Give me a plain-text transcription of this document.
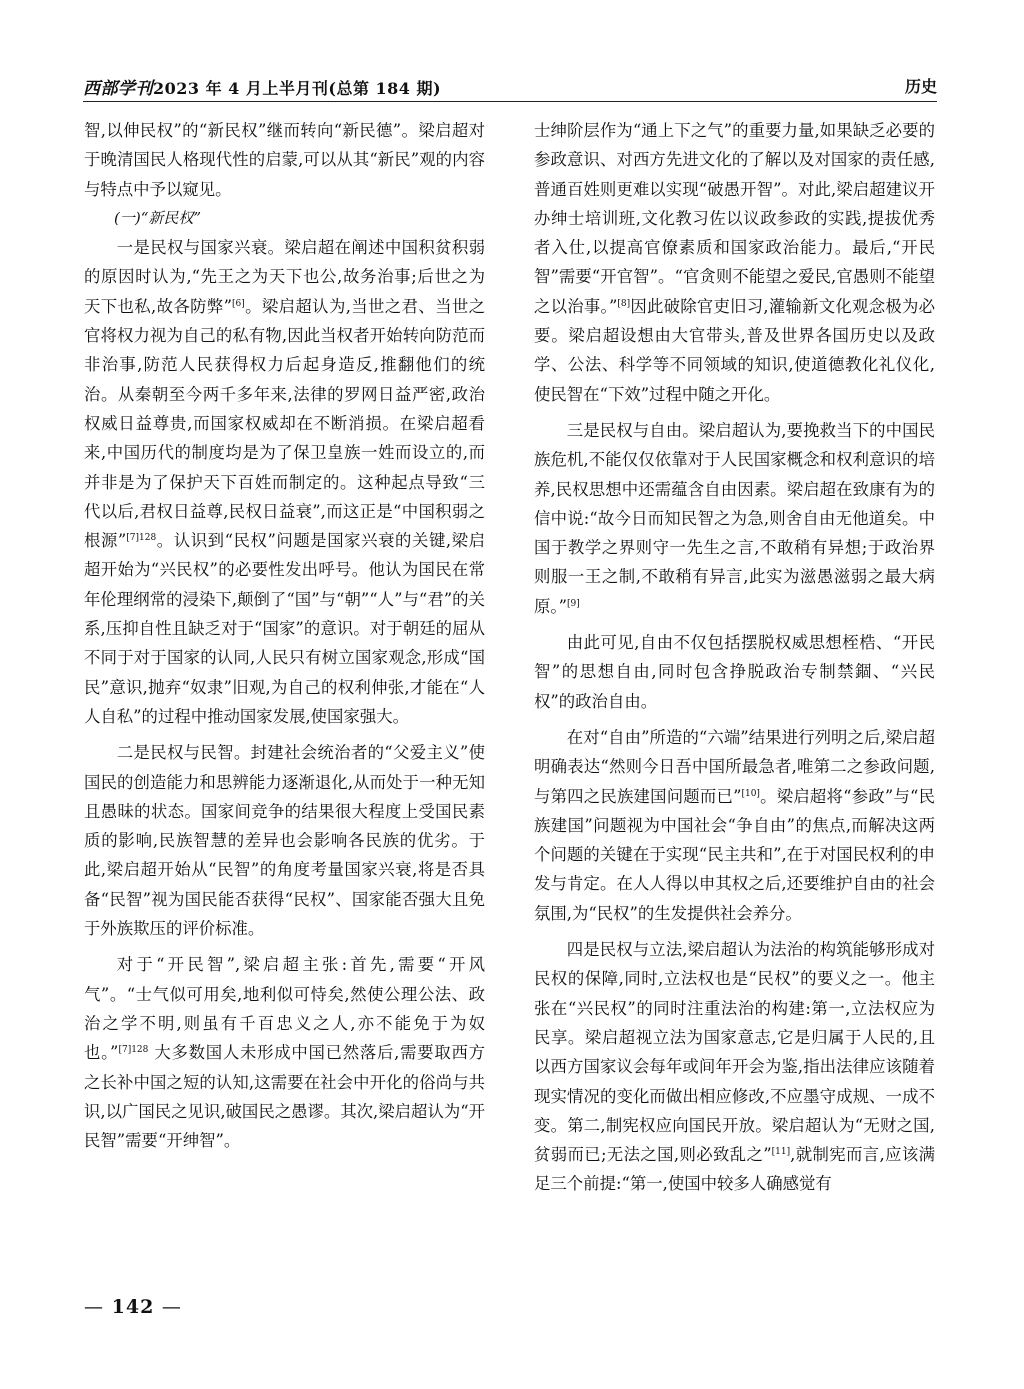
西部学刊2023 年 4 月上半月刊(总第 184 期)	历史

智,以伸民权”的“新民权”继而转向“新民德”。梁启超对于晚清国民人格现代性的启蒙,可以从其“新民”观的内容与特点中予以窥见。

(一)“新民权”

一是民权与国家兴衰。梁启超在阐述中国积贫积弱的原因时认为,“先王之为天下也公,故务治事;后世之为天下也私,故各防弊”[6]。梁启超认为,当世之君、当世之官将权力视为自己的私有物,因此当权者开始转向防范而非治事,防范人民获得权力后起身造反,推翻他们的统治。从秦朝至今两千多年来,法律的罗网日益严密,政治权威日益尊贵,而国家权威却在不断消损。在梁启超看来,中国历代的制度均是为了保卫皇族一姓而设立的,而并非是为了保护天下百姓而制定的。这种起点导致“三代以后,君权日益尊,民权日益衰”,而这正是“中国积弱之根源”$^{[7]128}$。认识到“民权”问题是国家兴衰的关键,梁启超开始为“兴民权”的必要性发出呼号。他认为国民在常年伦理纲常的浸染下,颠倒了“国”与“朝”“人”与“君”的关系,压抑自性且缺乏对于“国家”的意识。对于朝廷的屈从不同于对于国家的认同,人民只有树立国家观念,形成“国民”意识,抛弃“奴隶”旧观,为自己的权利伸张,才能在“人人自私”的过程中推动国家发展,使国家强大。

二是民权与民智。封建社会统治者的“父爱主义”使国民的创造能力和思辨能力逐渐退化,从而处于一种无知且愚昧的状态。国家间竞争的结果很大程度上受国民素质的影响,民族智慧的差异也会影响各民族的优劣。于此,梁启超开始从“民智”的角度考量国家兴衰,将是否具备“民智”视为国民能否获得“民权”、国家能否强大且免于外族欺压的评价标准。

对于“开民智”,梁启超主张:首先,需要“开风气”。“士气似可用矣,地利似可恃矣,然使公理公法、政治之学不明,则虽有千百忠义之人,亦不能免于为奴也。”$^{[7]128}$ 大多数国人未形成中国已然落后,需要取西方之长补中国之短的认知,这需要在社会中开化的俗尚与共识,以广国民之见识,破国民之愚谬。其次,梁启超认为“开民智”需要“开绅智”。

士绅阶层作为“通上下之气”的重要力量,如果缺乏必要的参政意识、对西方先进文化的了解以及对国家的责任感,普通百姓则更难以实现“破愚开智”。对此,梁启超建议开办绅士培训班,文化教习佐以议政参政的实践,提拔优秀者入仕,以提高官僚素质和国家政治能力。最后,“开民智”需要“开官智”。“官贪则不能望之爱民,官愚则不能望之以治事。”[8]因此破除官吏旧习,灌输新文化观念极为必要。梁启超设想由大官带头,普及世界各国历史以及政学、公法、科学等不同领域的知识,使道德教化礼仪化,使民智在“下效”过程中随之开化。

三是民权与自由。梁启超认为,要挽救当下的中国民族危机,不能仅仅依靠对于人民国家概念和权利意识的培养,民权思想中还需蕴含自由因素。梁启超在致康有为的信中说:“故今日而知民智之为急,则舍自由无他道矣。中国于教学之界则守一先生之言,不敢稍有异想;于政治界则服一王之制,不敢稍有异言,此实为滋愚滋弱之最大病原。”[9]

由此可见,自由不仅包括摆脱权威思想桎梏、“开民智”的思想自由,同时包含挣脱政治专制禁錮、“兴民权”的政治自由。

在对“自由”所造的“六端”结果进行列明之后,梁启超明确表达“然则今日吾中国所最急者,唯第二之参政问题,与第四之民族建国问题而已”[10]。梁启超将“参政”与“民族建国”问题视为中国社会“争自由”的焦点,而解决这两个问题的关键在于实现“民主共和”,在于对国民权利的申发与肯定。在人人得以申其权之后,还要维护自由的社会氛围,为“民权”的生发提供社会养分。

四是民权与立法,梁启超认为法治的构筑能够形成对民权的保障,同时,立法权也是“民权”的要义之一。他主张在“兴民权”的同时注重法治的构建:第一,立法权应为民享。梁启超视立法为国家意志,它是归属于人民的,且以西方国家议会每年或间年开会为鉴,指出法律应该随着现实情况的变化而做出相应修改,不应墨守成规、一成不变。第二,制宪权应向国民开放。梁启超认为“无财之国,贫弱而已;无法之国,则必致乱之”[11],就制宪而言,应该满足三个前提:“第一,使国中较多人确感觉有

— 142 —
